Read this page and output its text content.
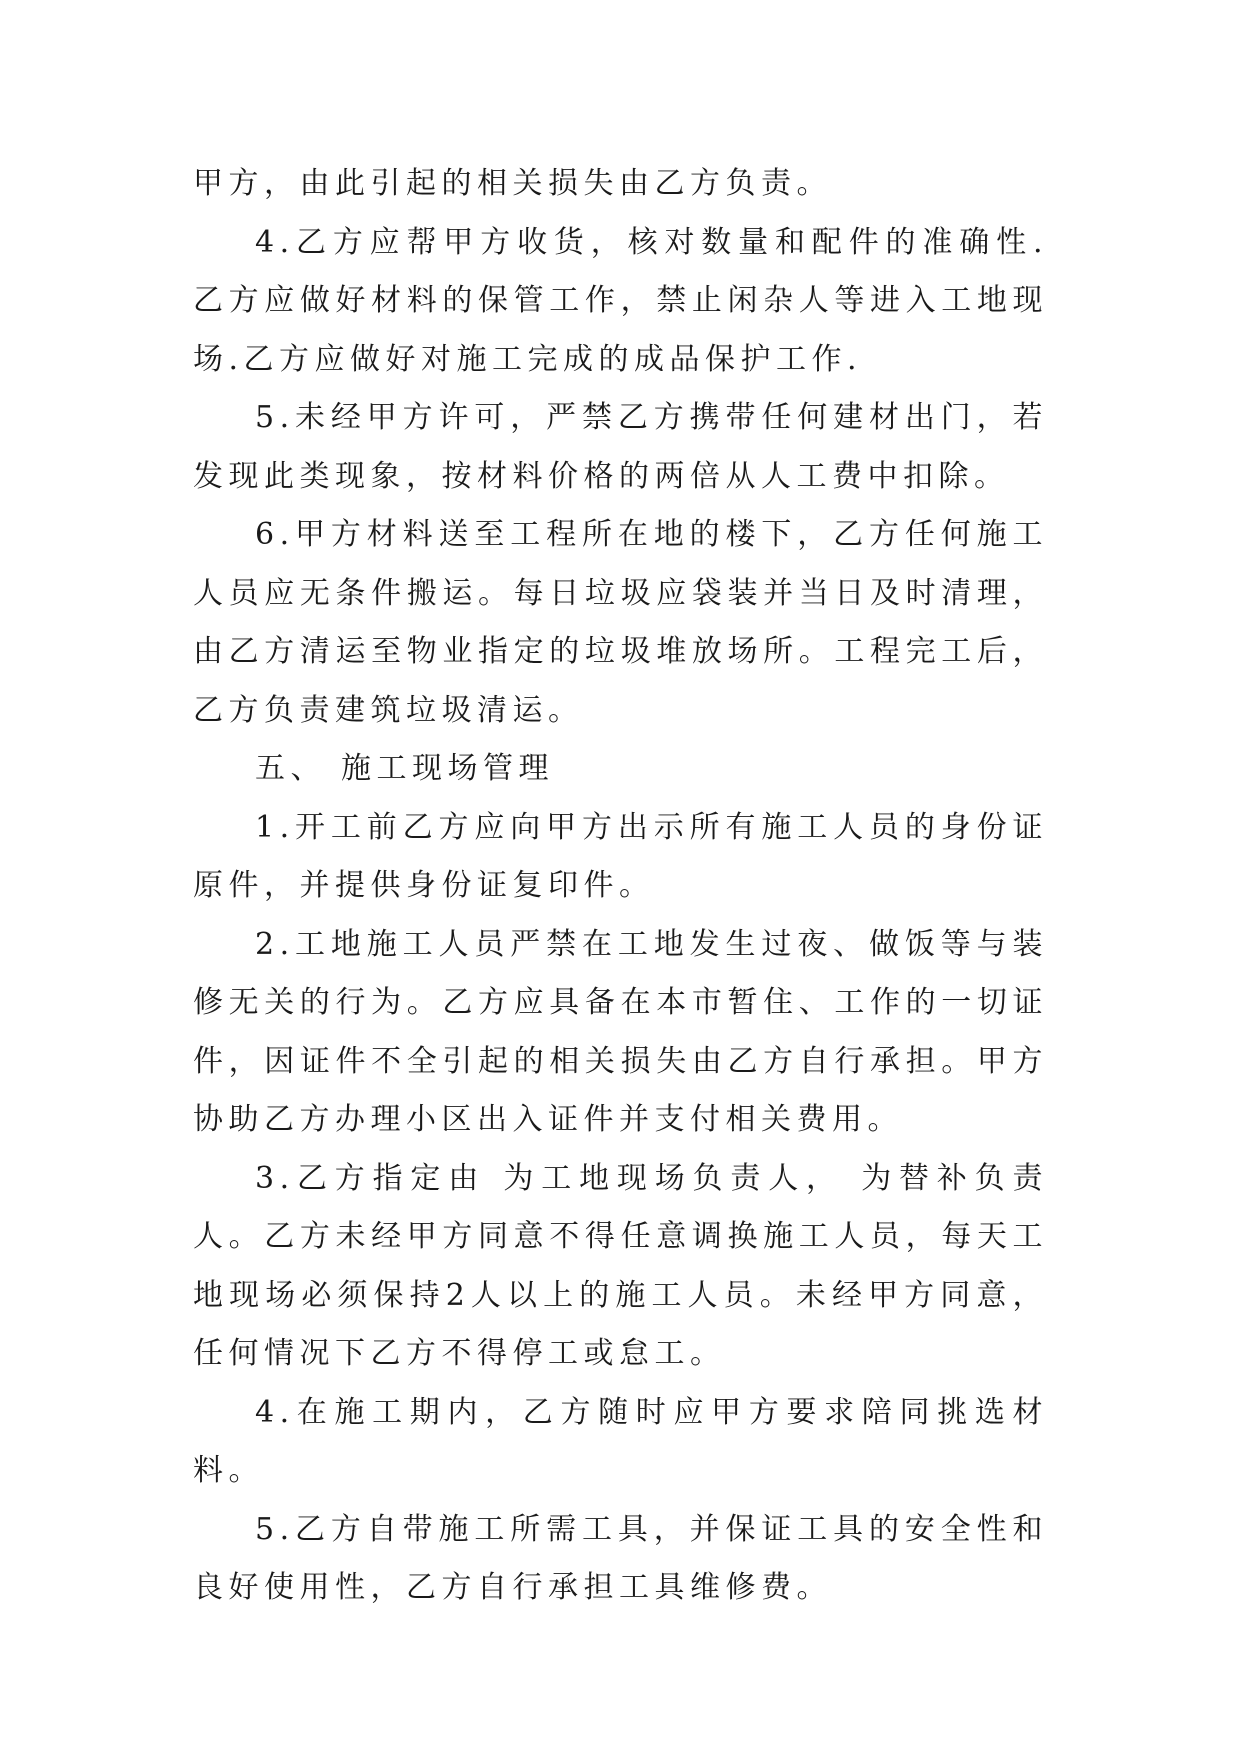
甲方，由此引起的相关损失由乙方负责。

4.乙方应帮甲方收货，核对数量和配件的准确性.乙方应做好材料的保管工作，禁止闲杂人等进入工地现场.乙方应做好对施工完成的成品保护工作.

5.未经甲方许可，严禁乙方携带任何建材出门，若发现此类现象，按材料价格的两倍从人工费中扣除。

6.甲方材料送至工程所在地的楼下，乙方任何施工人员应无条件搬运。每日垃圾应袋装并当日及时清理，由乙方清运至物业指定的垃圾堆放场所。工程完工后，乙方负责建筑垃圾清运。

五、 施工现场管理

1.开工前乙方应向甲方出示所有施工人员的身份证原件，并提供身份证复印件。

2.工地施工人员严禁在工地发生过夜、做饭等与装修无关的行为。乙方应具备在本市暂住、工作的一切证件，因证件不全引起的相关损失由乙方自行承担。甲方协助乙方办理小区出入证件并支付相关费用。

3.乙方指定由 为工地现场负责人， 为替补负责人。乙方未经甲方同意不得任意调换施工人员，每天工地现场必须保持2人以上的施工人员。未经甲方同意，任何情况下乙方不得停工或怠工。

4.在施工期内，乙方随时应甲方要求陪同挑选材料。

5.乙方自带施工所需工具，并保证工具的安全性和良好使用性，乙方自行承担工具维修费。
